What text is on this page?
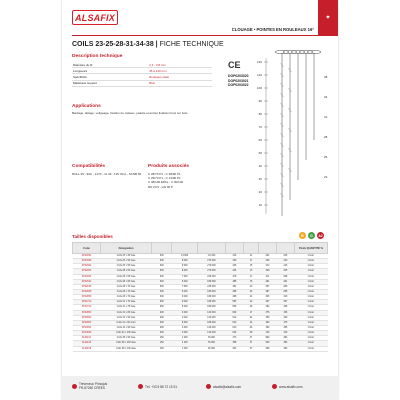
ALSAFIX	⌖
CLOUAGE • POINTES EN ROULEAUX 16°
COILS 23-25-28-31-34-38 | FICHE TECHNIQUE
CE
DOP0203020
DOP0203021
DOP0203022
Description technique
Diamètre du fil	2,3 - 3,8 mm
Longueurs	45 à 130 mm
Spécificité	Rouleaux plats
Matériaux support	Bois
Applications
Bardage, lattage, voligeage, fixation de caisses, palette et autres fixations bois sur bois
Compatibilités
ROLL 35 - 90C - 1470 - 11.45 - 19V 83 A - SCNB 65
Produits associés
C 28/70 P1 - C 38/90 P1
C 29/70 P1 - C 13/90 P1
C 38/100 EPAL - C 90/130
RN 23.5 - HN 90 P
130
120
100
90
80
70
60
50
40
30
20
10
38
34
31
28
25
23
Tailles disponibles	B	G	A2
Code	Désignation								Poids QUANTITÉ %
SP22861	Coils 25 x 45 lisse	300	13 800	1/1 000	416	11	221	245	1 boul.
SP22969	Coils 25 x 50 lisse	300	9 000	270 000	439	17	246	210	1 boul.
SP22902	Coils 25 x 55 lisse	300	9 000	270 000	445	15	272	215	1 boul.
SP22603	Coils 28 x 60 lisse	300	9 000	270 000	446	13	209	245	1 boul.
SP22604	Coils 28 x 65 lisse	300	7 500	225 000	478	17	311	258	1 boul.
SP22641	Coils 28 x 65 lisse	300	6 000	180 000	488	15	261	261	1 boul.
SP22645	Coils 28 x 70 lisse	300	7 500	225 000	481	20	357	280	1 boul.
SP22848	Coils 28 x 70 lisse	300	6 000	180 000	488	23	387	295	1 boul.
SP22850	Coils 28 x 70 lisse	300	6 000	180 000	468	24	345	310	1 boul.
SP22710	Coils 31 x 70 lisse	250	6 000	180 000	565	23	367	367	1 boul.
SP22713	Coils 31 x 75 lisse	250	6 000	180 000	566	29	394	328	1 boul.
SP22800	Coils 31 x 80 lisse	200	4 000	120 000	609	17	376	336	1 boul.
SP22802	Coils 31 x 90 lisse	200	4 000	120 000	612	24	359	330	1 boul.
SP22803	Coils 31 x 90 crant	200	6 000	180 000	510	23	392	375	1 boul.
SP23004	Coils 34 x 90 lisse	200	4 000	120 000	610	26	392	385	1 boul.
SP23006	Coils 34 x 100 lisse	200	4 000	120 000	618	38	415	415	1 boul.
SL90101	Coils 38 x 90 lisse	150	1 200	36 000	373	37	892	393	1 boul.
SL90103	Coils 38 x 100 lisse	150	1 200	36 000	398	37	940	393	1 boul.
SL90105	Coils 38 x 130 lisse	150	1 200	36 000	403	37	905	393	1 boul.
Tréveneuc Principal
FR-87260 CREES	Tél. +33 5 88 72 15 51	alsafix@alsafix.com	www.alsafix.com
